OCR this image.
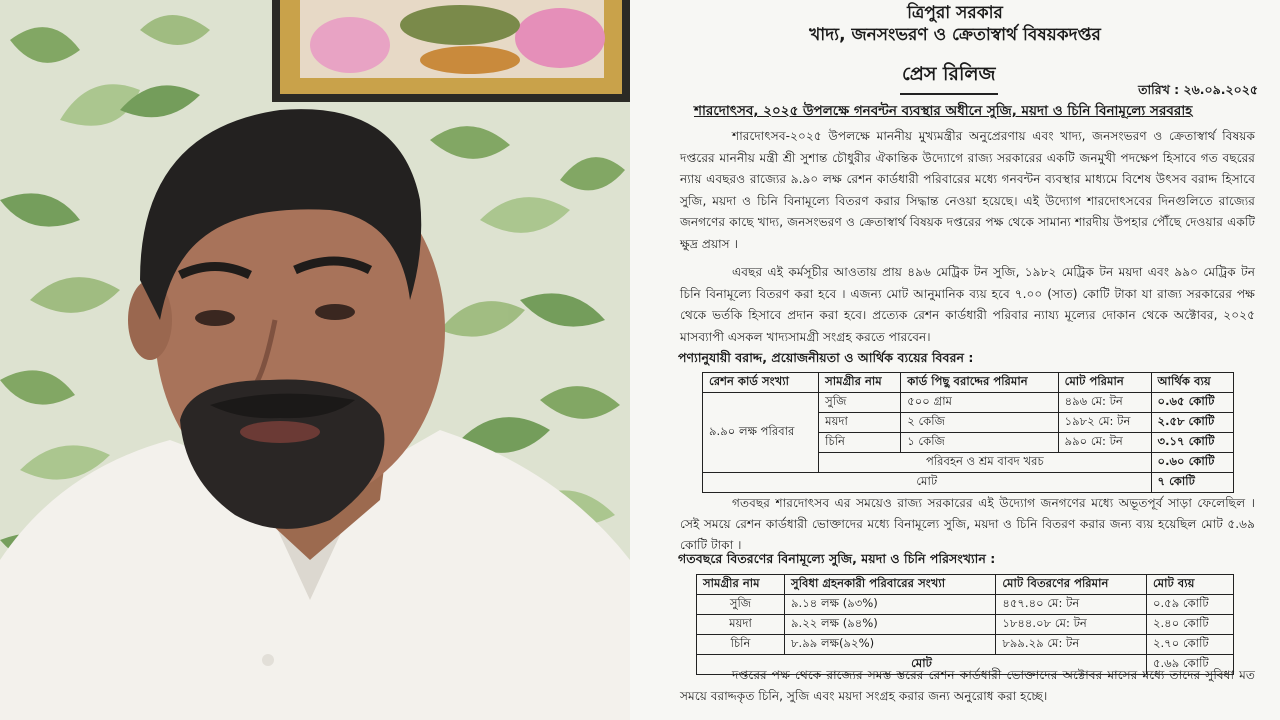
ত্রিপুরা সরকার
খাদ্য, জনসংভরণ ও ক্রেতাস্বার্থ বিষয়কদপ্তর
প্রেস রিলিজ
তারিখ : ২৬.০৯.২০২৫
শারদোৎসব, ২০২৫ উপলক্ষে গনবন্টন ব্যবস্থার অধীনে সুজি, ময়দা ও চিনি বিনামূল্যে সরবরাহ
শারদোৎসব-২০২৫ উপলক্ষে মাননীয় মুখ্যমন্ত্রীর অনুপ্রেরণায় এবং খাদ্য, জনসংভরণ ও ক্রেতাস্বার্থ বিষয়ক দপ্তরের মাননীয় মন্ত্রী শ্রী সুশান্ত চৌধুরীর ঐকান্তিক উদ্যোগে রাজ্য সরকারের একটি জনমুখী পদক্ষেপ হিসাবে গত বছরের ন্যায় এবছরও রাজ্যের ৯.৯০ লক্ষ রেশন কার্ডধারী পরিবারের মধ্যে গনবন্টন ব্যবস্থার মাধ্যমে বিশেষ উৎসব বরাদ্দ হিসাবে সুজি, ময়দা ও চিনি বিনামূল্যে বিতরণ করার সিদ্ধান্ত নেওয়া হয়েছে। এই উদ্যোগ শারদোৎসবের দিনগুলিতে রাজ্যের জনগণের কাছে খাদ্য, জনসংভরণ ও ক্রেতাস্বার্থ বিষয়ক দপ্তরের পক্ষ থেকে সামান্য শারদীয় উপহার পৌঁছে দেওয়ার একটি ক্ষুদ্র প্রয়াস ।
এবছর এই কর্মসূচীর আওতায় প্রায় ৪৯৬ মেট্রিক টন সুজি, ১৯৮২ মেট্রিক টন ময়দা এবং ৯৯০ মেট্রিক টন চিনি বিনামূল্যে বিতরণ করা হবে । এজন্য মোট আনুমানিক ব্যয় হবে ৭.০০ (সাত) কোটি টাকা যা রাজ্য সরকারের পক্ষ থেকে ভর্তকি হিসাবে প্রদান করা হবে। প্রত্যেক রেশন কার্ডধারী পরিবার ন্যায্য মূল্যের দোকান থেকে অক্টোবর, ২০২৫ মাসব্যাপী এসকল খাদ্যসামগ্রী সংগ্রহ করতে পারবেন।
পণ্যানুযায়ী বরাদ্দ, প্রয়োজনীয়তা ও আর্থিক ব্যয়ের বিবরন :
রেশন কার্ড সংখ্যা	সামগ্রীর নাম	কার্ড পিছু বরাদ্দের পরিমান	মোট পরিমান	আর্থিক ব্যয়
৯.৯০ লক্ষ পরিবার	সুজি	৫০০ গ্রাম	৪৯৬ মে: টন	০.৬৫ কোটি
	ময়দা	২ কেজি	১৯৮২ মে: টন	২.৫৮ কোটি
	চিনি	১ কেজি	৯৯০ মে: টন	৩.১৭ কোটি
	পরিবহন ও শ্রম বাবদ খরচ			০.৬০ কোটি
মোট				৭ কোটি
গতবছর শারদোৎসব এর সময়েও রাজ্য সরকারের এই উদ্যোগ জনগণের মধ্যে অভূতপূর্ব সাড়া ফেলেছিল । সেই সময়ে রেশন কার্ডধারী ভোক্তাদের মধ্যে বিনামূল্যে সুজি, ময়দা ও চিনি বিতরণ করার জন্য ব্যয় হয়েছিল মোট ৫.৬৯ কোটি টাকা ।
গতবছরে বিতরণের বিনামূল্যে সুজি, ময়দা ও চিনি পরিসংখ্যান :
সামগ্রীর নাম	সুবিধা গ্রহনকারী পরিবারের সংখ্যা	মোট বিতরণের পরিমান	মোট ব্যয়
সুজি	৯.১৪ লক্ষ (৯৩%)	৪৫৭.৪০ মে: টন	০.৫৯ কোটি
ময়দা	৯.২২ লক্ষ (৯৪%)	১৮৪৪.০৮ মে: টন	২.৪০ কোটি
চিনি	৮.৯৯ লক্ষ(৯২%)	৮৯৯.২৯ মে: টন	২.৭০ কোটি
মোট			৫.৬৯ কোটি
দপ্তরের পক্ষ থেকে রাজ্যের সমস্ত স্তরের রেশন কার্ডধারী ভোক্তাদের অক্টোবর মাসের মধ্যে তাদের সুবিধা মত সময়ে বরাদ্দকৃত চিনি, সুজি এবং ময়দা সংগ্রহ করার জন্য অনুরোধ করা হচ্ছে।
